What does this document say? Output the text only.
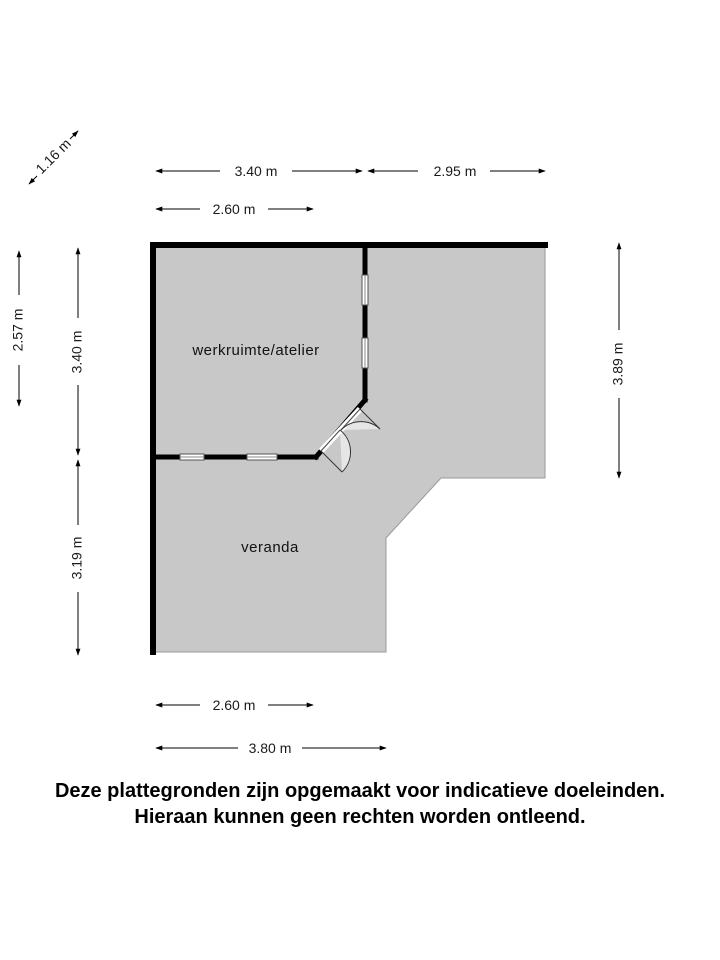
werkruimte/atelier
veranda
3.40 m	2.95 m
2.60 m
1.16 m
2.57 m
3.40 m
3.19 m
3.89 m
2.60 m
3.80 m
Deze plattegronden zijn opgemaakt voor indicatieve doeleinden.
Hieraan kunnen geen rechten worden ontleend.
